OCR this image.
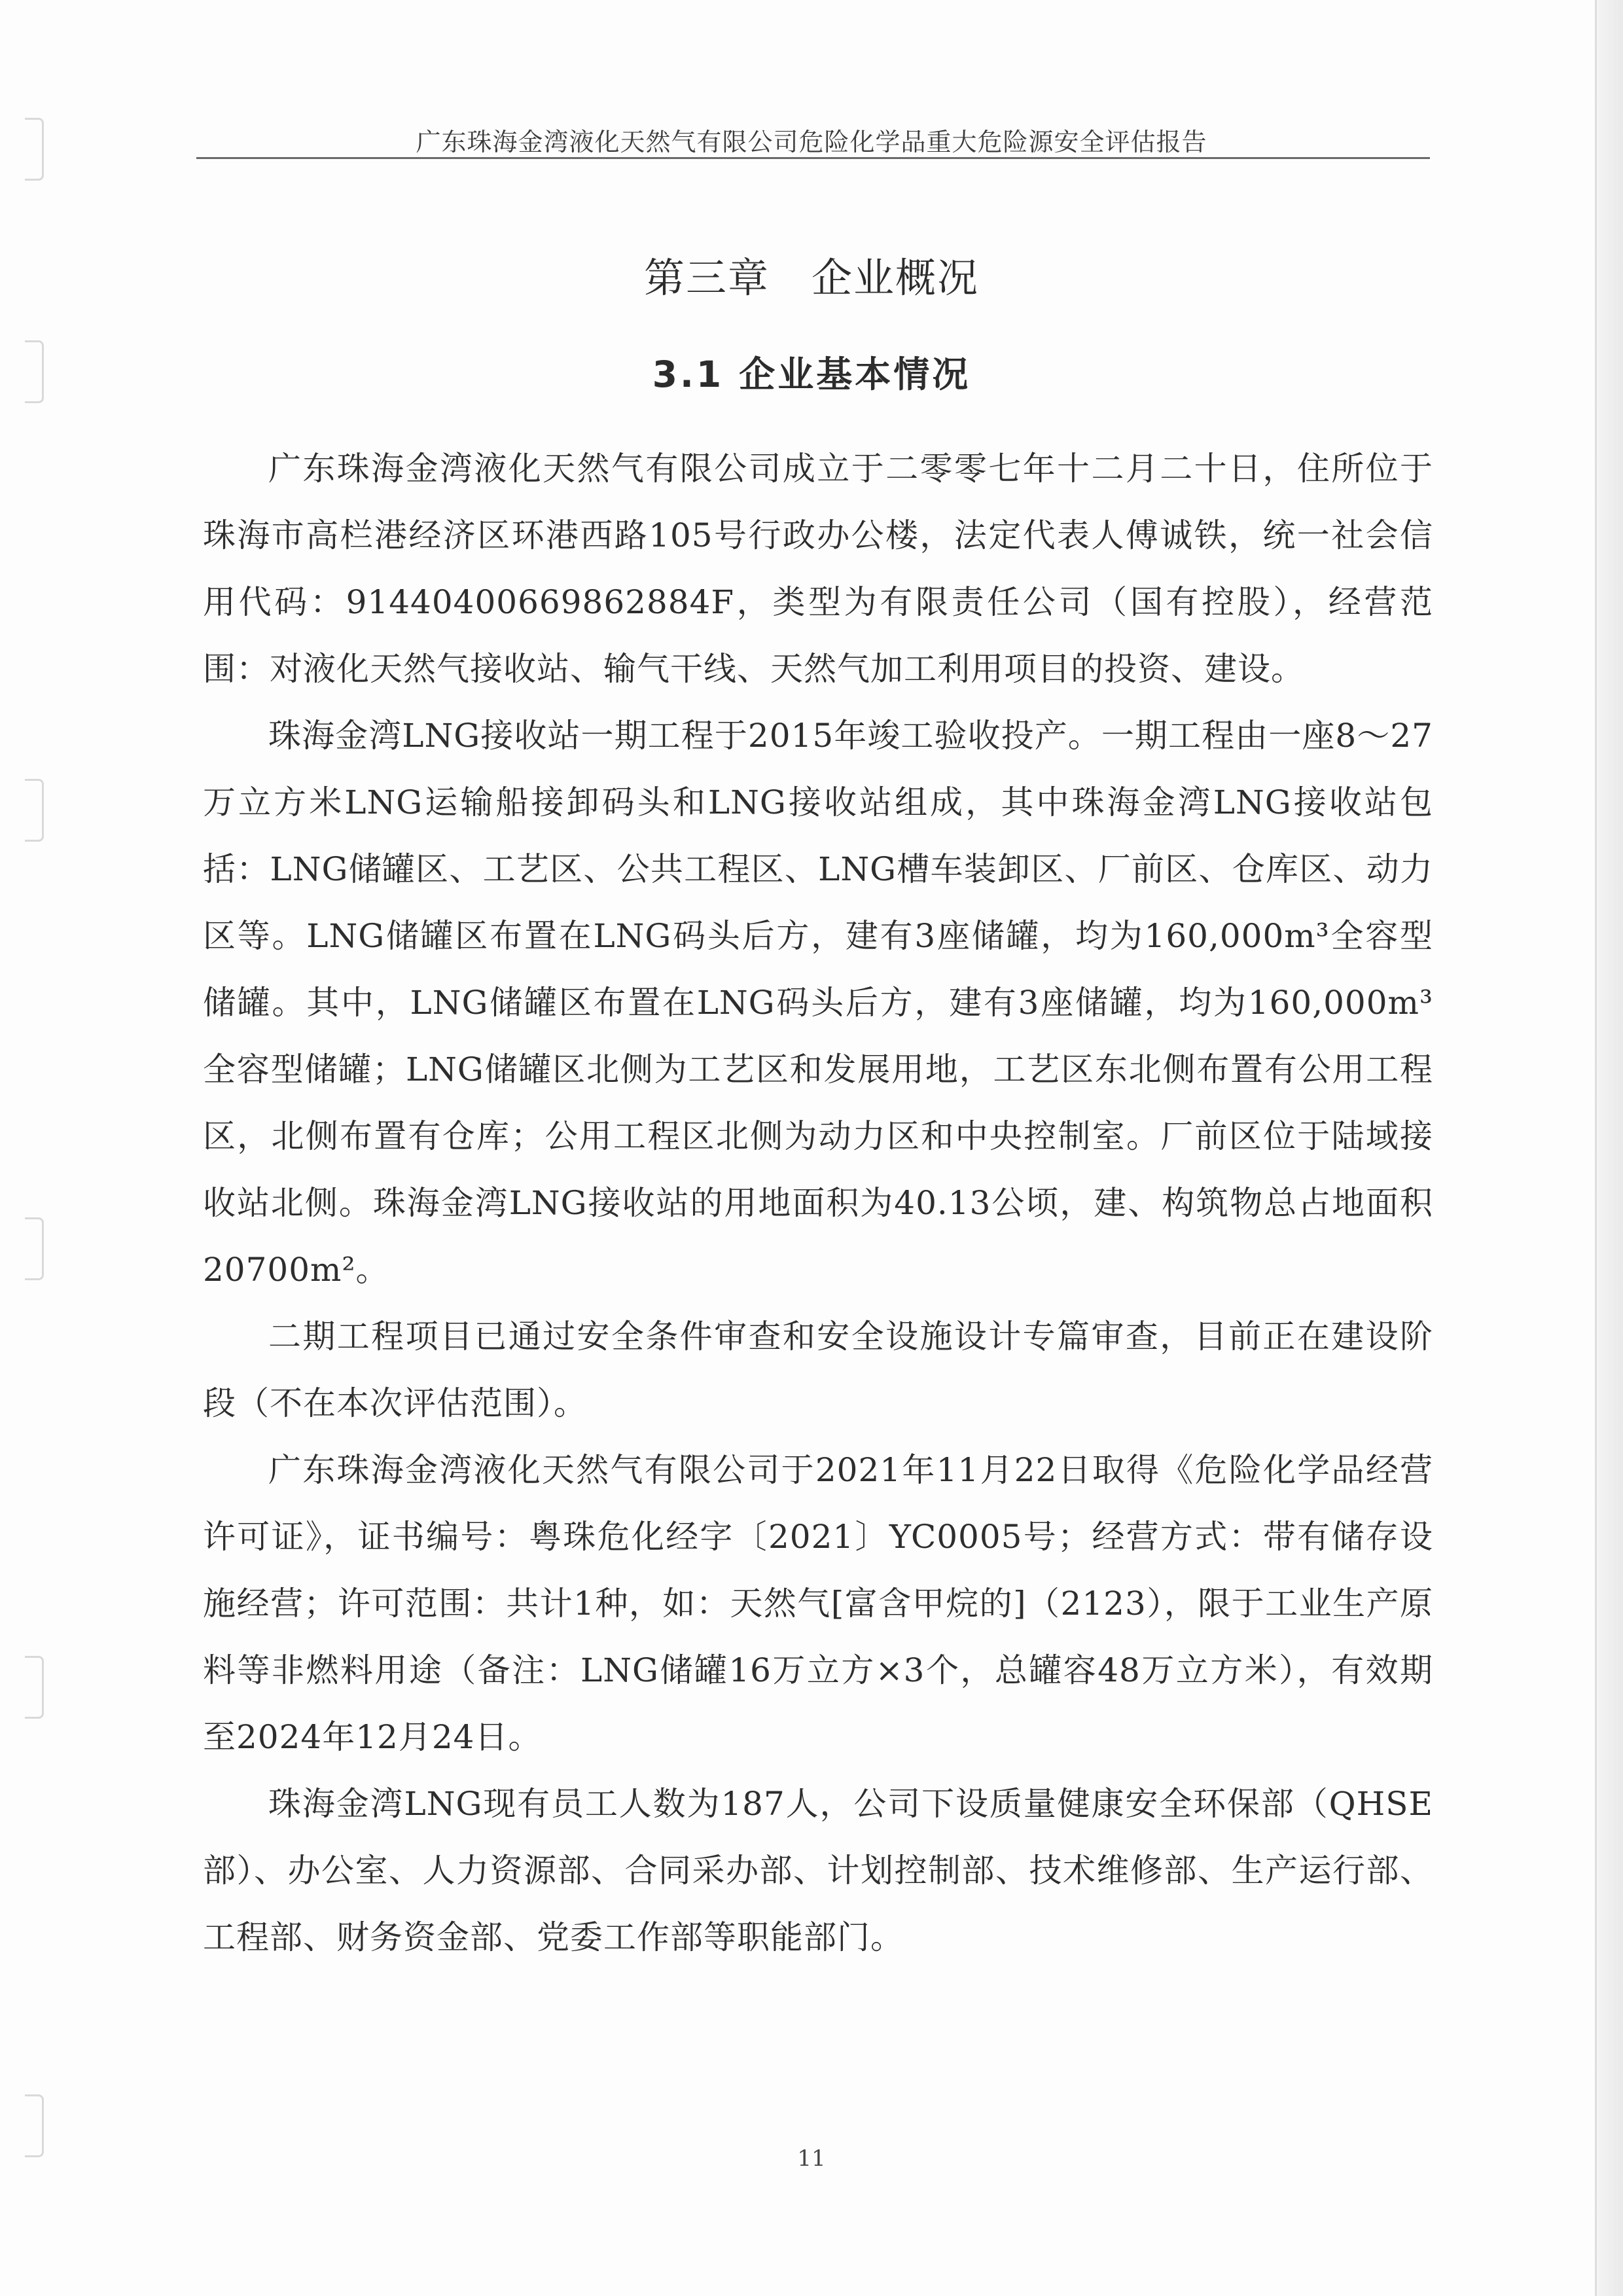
广东珠海金湾液化天然气有限公司危险化学品重大危险源安全评估报告
第三章　企业概况
3.1 企业基本情况

广东珠海金湾液化天然气有限公司成立于二零零七年十二月二十日，住所位于珠海市高栏港经济区环港西路105号行政办公楼，法定代表人傅诚铁，统一社会信用代码：91440400669862884F，类型为有限责任公司（国有控股），经营范围：对液化天然气接收站、输气干线、天然气加工利用项目的投资、建设。

珠海金湾LNG接收站一期工程于2015年竣工验收投产。一期工程由一座8～27万立方米LNG运输船接卸码头和LNG接收站组成，其中珠海金湾LNG接收站包括：LNG储罐区、工艺区、公共工程区、LNG槽车装卸区、厂前区、仓库区、动力区等。LNG储罐区布置在LNG码头后方，建有3座储罐，均为160,000m³全容型储罐。其中，LNG储罐区布置在LNG码头后方，建有3座储罐，均为160,000m³全容型储罐；LNG储罐区北侧为工艺区和发展用地，工艺区东北侧布置有公用工程区，北侧布置有仓库；公用工程区北侧为动力区和中央控制室。厂前区位于陆域接收站北侧。珠海金湾LNG接收站的用地面积为40.13公顷，建、构筑物总占地面积20700m²。

二期工程项目已通过安全条件审查和安全设施设计专篇审查，目前正在建设阶段（不在本次评估范围）。

广东珠海金湾液化天然气有限公司于2021年11月22日取得《危险化学品经营许可证》，证书编号：粤珠危化经字〔2021〕YC0005号；经营方式：带有储存设施经营；许可范围：共计1种，如：天然气[富含甲烷的]（2123），限于工业生产原料等非燃料用途（备注：LNG储罐16万立方×3个，总罐容48万立方米），有效期至2024年12月24日。

珠海金湾LNG现有员工人数为187人，公司下设质量健康安全环保部（QHSE部）、办公室、人力资源部、合同采办部、计划控制部、技术维修部、生产运行部、工程部、财务资金部、党委工作部等职能部门。

11
